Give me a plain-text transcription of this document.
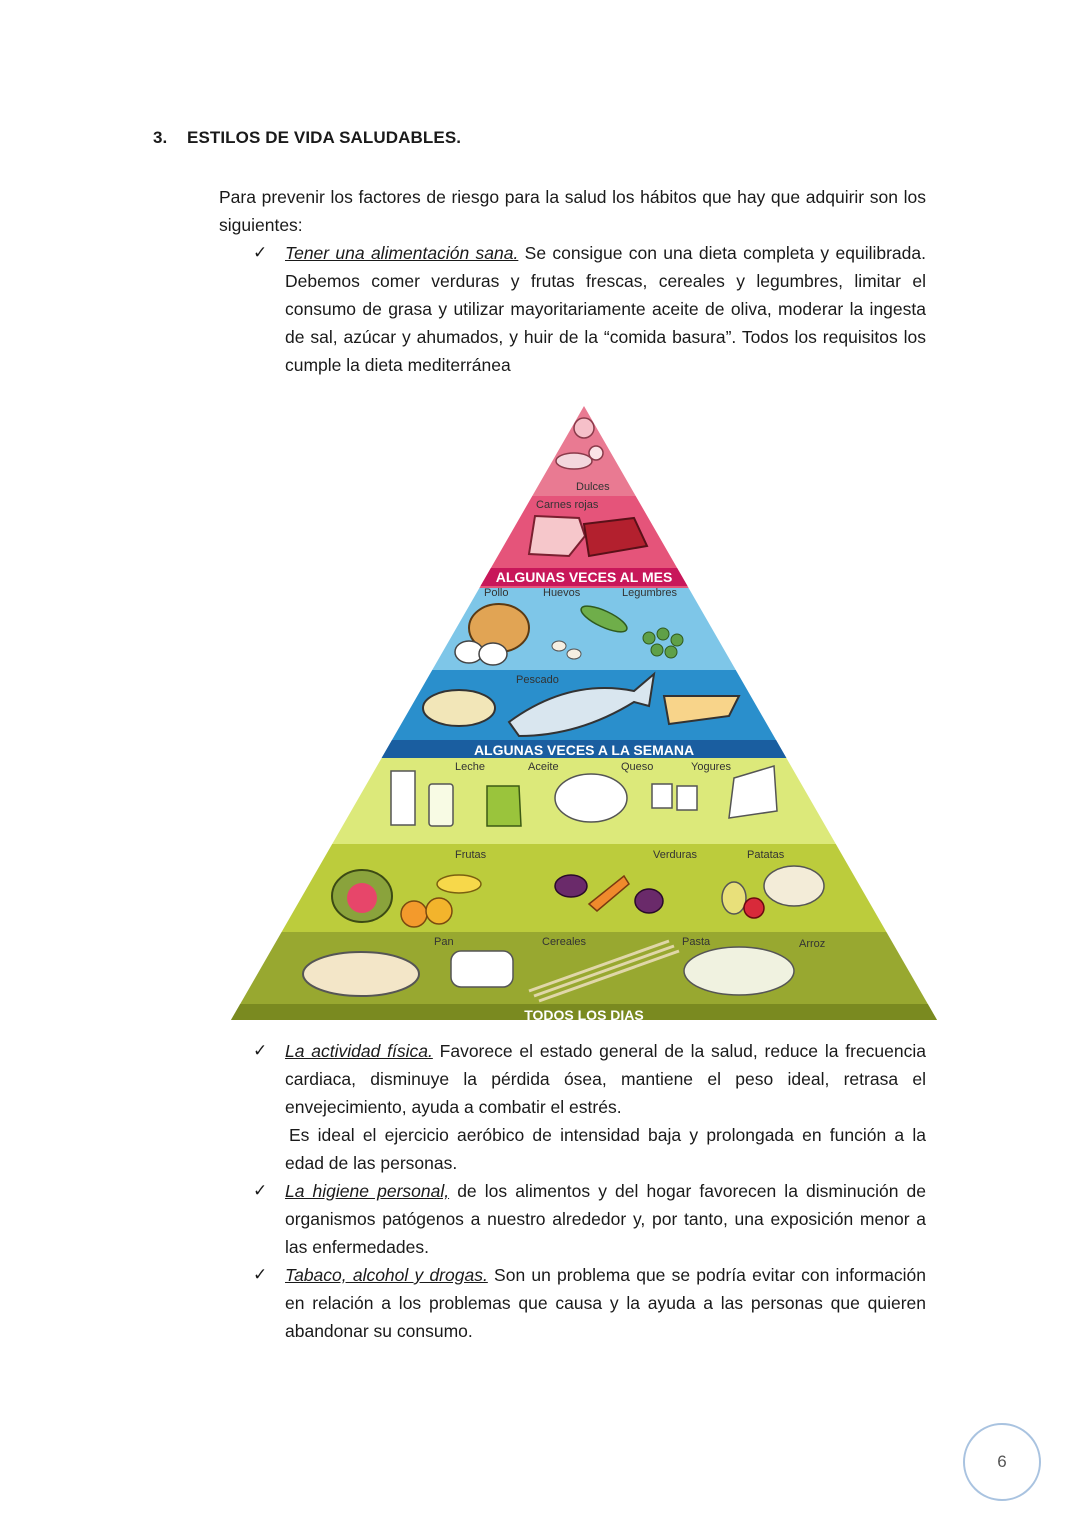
3. ESTILOS DE VIDA SALUDABLES.
Para prevenir los factores de riesgo para la salud los hábitos que hay que adquirir son los siguientes:
✓ Tener una alimentación sana. Se consigue con una dieta completa y equilibrada. Debemos comer verduras y frutas frescas, cereales y legumbres, limitar el consumo de grasa y utilizar mayoritariamente aceite de oliva, moderar la ingesta de sal, azúcar y ahumados, y huir de la “comida basura”. Todos los requisitos los cumple la dieta mediterránea
ALGUNAS VECES AL MES
ALGUNAS VECES A LA SEMANA
TODOS LOS DIAS
Dulces
Carnes rojas
Pollo	Huevos	Legumbres
Pescado
Leche	Aceite	Queso	Yogures
Frutas	Verduras	Patatas
Pan	Cereales	Pasta	Arroz
✓ La actividad física. Favorece el estado general de la salud, reduce la frecuencia cardiaca, disminuye la pérdida ósea, mantiene el peso ideal, retrasa el envejecimiento, ayuda a combatir el estrés.
Es ideal el ejercicio aeróbico de intensidad baja y prolongada en función a la edad de las personas.
✓ La higiene personal, de los alimentos y del hogar favorecen la disminución de organismos patógenos a nuestro alrededor y, por tanto, una exposición menor a las enfermedades.
✓ Tabaco, alcohol y drogas. Son un problema que se podría evitar con información en relación a los problemas que causa y la ayuda a las personas que quieren abandonar su consumo.
6
